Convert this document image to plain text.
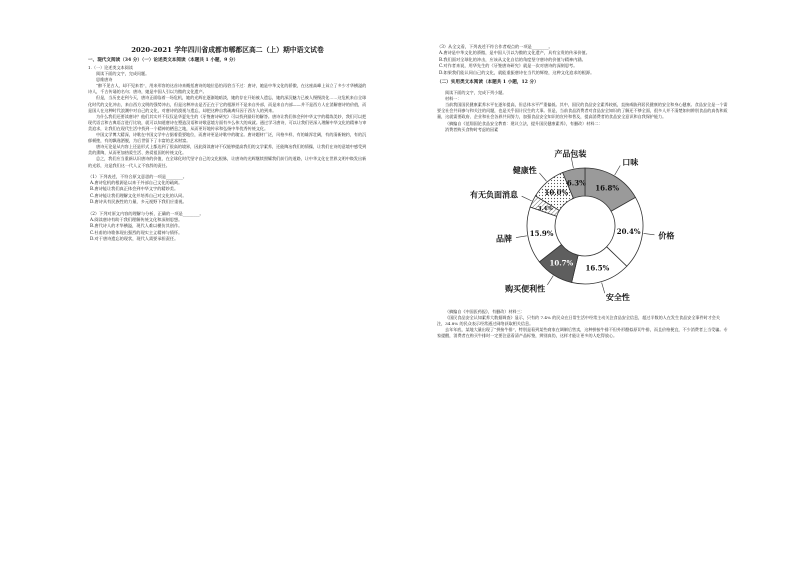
2020-2021 学年四川省成都市郫都区高二（上）期中语文试卷
一、现代文阅读（34 分）（一）论述类文本阅读（本题共 1 小题，9 分）

1.（一）论述类文本阅读

阅读下面的文字，完成问题。

思维唐诗

“醉不见吉人，却不见来者”，用来形容的这首诗来概括唐诗的地位恐怕再恰当不过：唐诗，她是中华文化的骄傲，在这座高峰上耸立了多少才华横溢的诗人，千古传诵的名句；唐诗，她是中国人引以为傲的文化遗产。

但是，当历史走到今天，唐诗正面临着一场危机，她的光辉在逐渐地暗淡，她的存在开始被人遗忘，她的深沉魅力已被人慢慢淡化……这危机来自全球化时代的文化冲击，来自西方文明的强势冲击，但是这种冲击是否正在于它的根源并不是来自外部，而是来自内部——并不是西方人在消解唐诗的价值，而是国人在这种时代浪潮中对自己的文化，对唐诗的漠视与遗忘，却把这种自我疏离归因于西方人的到来。

为什么我们还要读唐诗？他们其实并不仅仅是华夏先生的《牙签唐诗研究》可以找到最好的解答。唐诗让我们体会到中华文字的精练美妙，我们可以把现代语言和古典语言进行比较，就可以知道唐诗在塑造汉语和诗歌意境方面有多么伟大的成就。通过学习唐诗，可以让我们更深入理解中华文化的精神与审美追求，让我们在现代生活中找到一个精神的栖息之地，从而更好地传承和弘扬中华优秀传统文化。

中国文学博大精深，诗歌在中国文学中占据着重要地位，而唐诗更是诗歌中的瑰宝。唐诗题材广泛，风格多样，有的雄浑壮阔，有的清新婉约，有的沉郁顿挫，有的飘逸洒脱，为后世留下了丰富的艺术财富。

唐诗无论是从内容上还是形式上都达到了很高的境界，因此阅读唐诗不仅能够提高我们的文学素养，还能陶冶我们的情操，让我们在诗的意境中感受到美的熏陶，从而更加热爱生活、热爱祖国的传统文化。

总之，我们应当重新认识唐诗的价值，在全球化时代坚守自己的文化根脉，让唐诗的光辉继续照耀我们前行的道路，让中华文化在世界文明中焕发出新的光彩，这是我们这一代人义不容辞的责任。

（1）下列表述，不符合原文意思的一项是________。

A.唐诗危机的根源是以来于外部自己文化的疏离。

B.唐诗能让我们真正体会到中华文字的精妙美。

C.唐诗能让我们理解文化并培养自己对文化的认同。

D.唐诗具有民族性的力量，多元视野下我们应重视。

（2）下列对原文内容的理解与分析，正确的一项是________。

A.阅读唐诗有助于我们理解传统文化和深刻思想。

B.唐代诗人的才华横溢，现代人难以模仿其创作。

C.杜甫的诗歌体现出强烈的现实主义精神与情怀。

D.对于唐诗遗忘的现状，现代人需要承担责任。

（3）从全文看，下列表述不符合作者观点的一项是________。

A.唐诗是中华文化的骄傲，是中国人引以为傲的文化遗产，具有宝贵的传承价值。

B.我们面对全球化的冲击，应该从文化自信的角度坚守唐诗的价值与精神内涵。

C.对作者来说，用华先生的《牙签唐诗研究》就是一次对唐诗的深刻思考。

D.如果我们能认同自己的文化，就能重振唐诗在当代的辉煌，这种文化追求的根源。

（二）实用类文本阅读（本题共 1 小题，12 分）

阅读下面的文字，完成下列小题。

材料一：

当前我国国民健康素养水平在逐年提高，但总体水平严重偏低。其中，国民的食品安全素养较低，直接威胁到居民健康的安全和身心健康。食品安全是一个需要全社会共同参与和关注的问题，也是关乎国计民生的大事。但是，当前食品消费者对食品安全知识的了解还不够全面，很多人并不清楚如何辨别食品的真伪和质量，这就需要政府、企业和社会各界共同努力，加强食品安全知识的宣传和普及，提高消费者的食品安全意识和自我保护能力。

（摘编自《范翔国论食品安全教育：建议立法，提升国民健康素养》，有删改）材料二：

消费者购买食物时考虑的因素

16.8%
口味
20.4% 价格
16.5%
安全性
10.7%
购买便利性
15.9%
品牌
3.4%
有无负面消息	10.0%
健康性
6.3%
产品包装

（摘编自《中国医药报》，有删改）材料三：

《国民食品安全认知素养大数据调查》显示，只有约 7.4% 的民众在日常生活中经常主动关注食品安全信息，超过半数的人在发生食品安全事件时才会关注，34.8% 的民众表示经常通过网络获取相关信息。

去年年底，某地大量出现了“拼接牛排”，特别是看到某些商家在调制后售卖，这种拼接牛排不但外形酷似原切牛排，而且价格便宜，不少消费者上当受骗。专家提醒，消费者在购买牛排时一定要注意看清产品标签，辨别真伪，这样才能让更多的人吃得放心。
